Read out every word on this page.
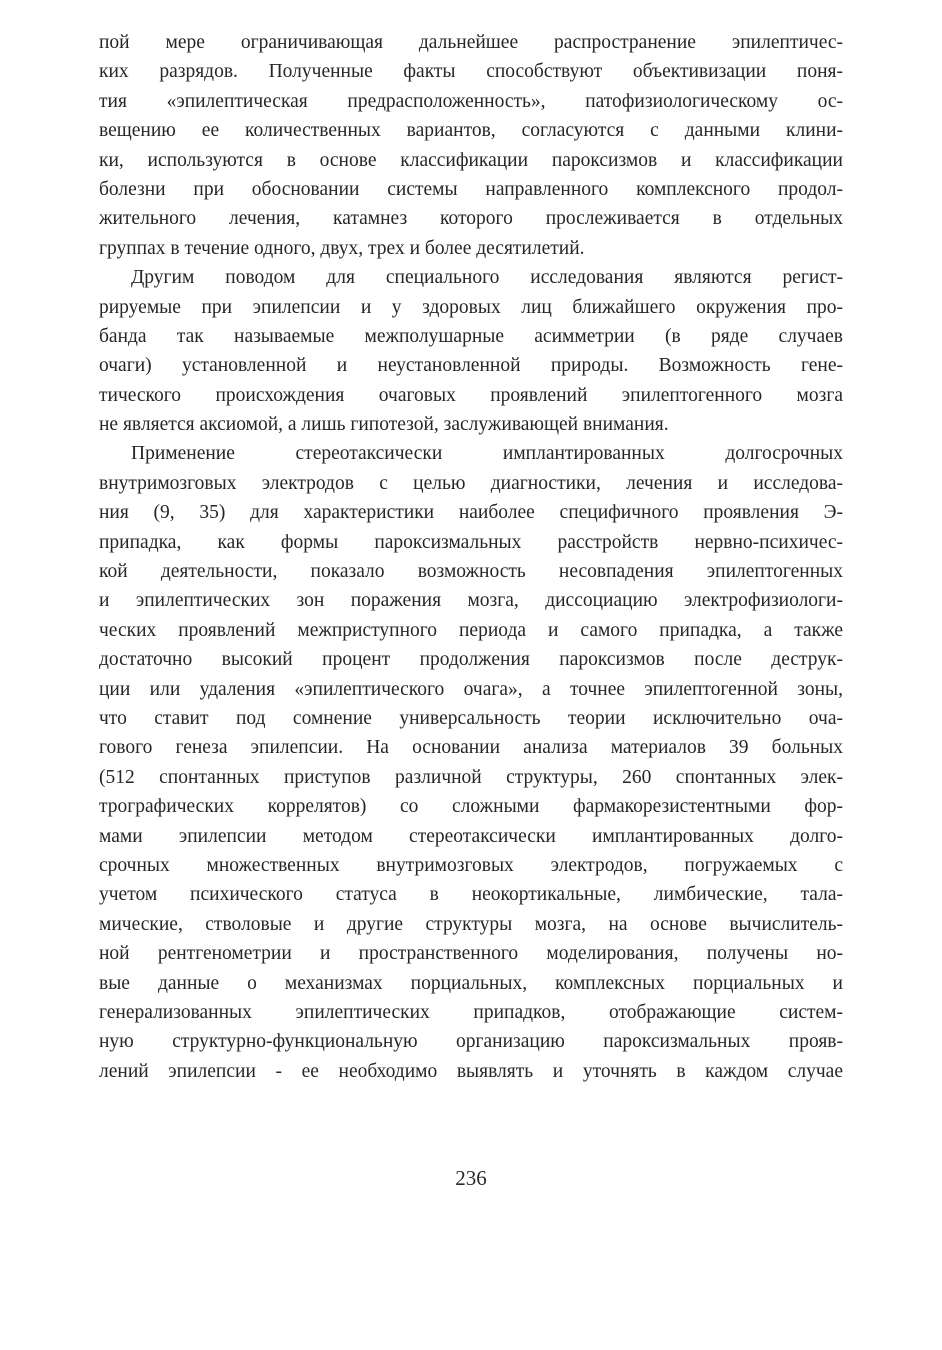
пой мере ограничивающая дальнейшее распространение эпилептичес-
ких разрядов. Полученные факты способствуют объективизации поня-
тия «эпилептическая предрасположенность», патофизиологическому ос-
вещению ее количественных вариантов, согласуются с данными клини-
ки, используются в основе классификации пароксизмов и классификации
болезни при обосновании системы направленного комплексного продол-
жительного лечения, катамнез которого прослеживается в отдельных
группах в течение одного, двух, трех и более десятилетий.
Другим поводом для специального исследования являются регист-
рируемые при эпилепсии и у здоровых лиц ближайшего окружения про-
банда так называемые межполушарные асимметрии (в ряде случаев
очаги) установленной и неустановленной природы. Возможность гене-
тического происхождения очаговых проявлений эпилептогенного мозга
не является аксиомой, а лишь гипотезой, заслуживающей внимания.
Применение стереотаксически имплантированных долгосрочных
внутримозговых электродов с целью диагностики, лечения и исследова-
ния (9, 35) для характеристики наиболее специфичного проявления Э-
припадка, как формы пароксизмальных расстройств нервно-психичес-
кой деятельности, показало возможность несовпадения эпилептогенных
и эпилептических зон поражения мозга, диссоциацию электрофизиологи-
ческих проявлений межприступного периода и самого припадка, а также
достаточно высокий процент продолжения пароксизмов после деструк-
ции или удаления «эпилептического очага», а точнее эпилептогенной зоны,
что ставит под сомнение универсальность теории исключительно оча-
гового генеза эпилепсии. На основании анализа материалов 39 больных
(512 спонтанных приступов различной структуры, 260 спонтанных элек-
трографических коррелятов) со сложными фармакорезистентными фор-
мами эпилепсии методом стереотаксически имплантированных долго-
срочных множественных внутримозговых электродов, погружаемых с
учетом психического статуса в неокортикальные, лимбические, тала-
мические, стволовые и другие структуры мозга, на основе вычислитель-
ной рентгенометрии и пространственного моделирования, получены но-
вые данные о механизмах порциальных, комплексных порциальных и
генерализованных эпилептических припадков, отображающие систем-
ную структурно-функциональную организацию пароксизмальных прояв-
лений эпилепсии - ее необходимо выявлять и уточнять в каждом случае
236
